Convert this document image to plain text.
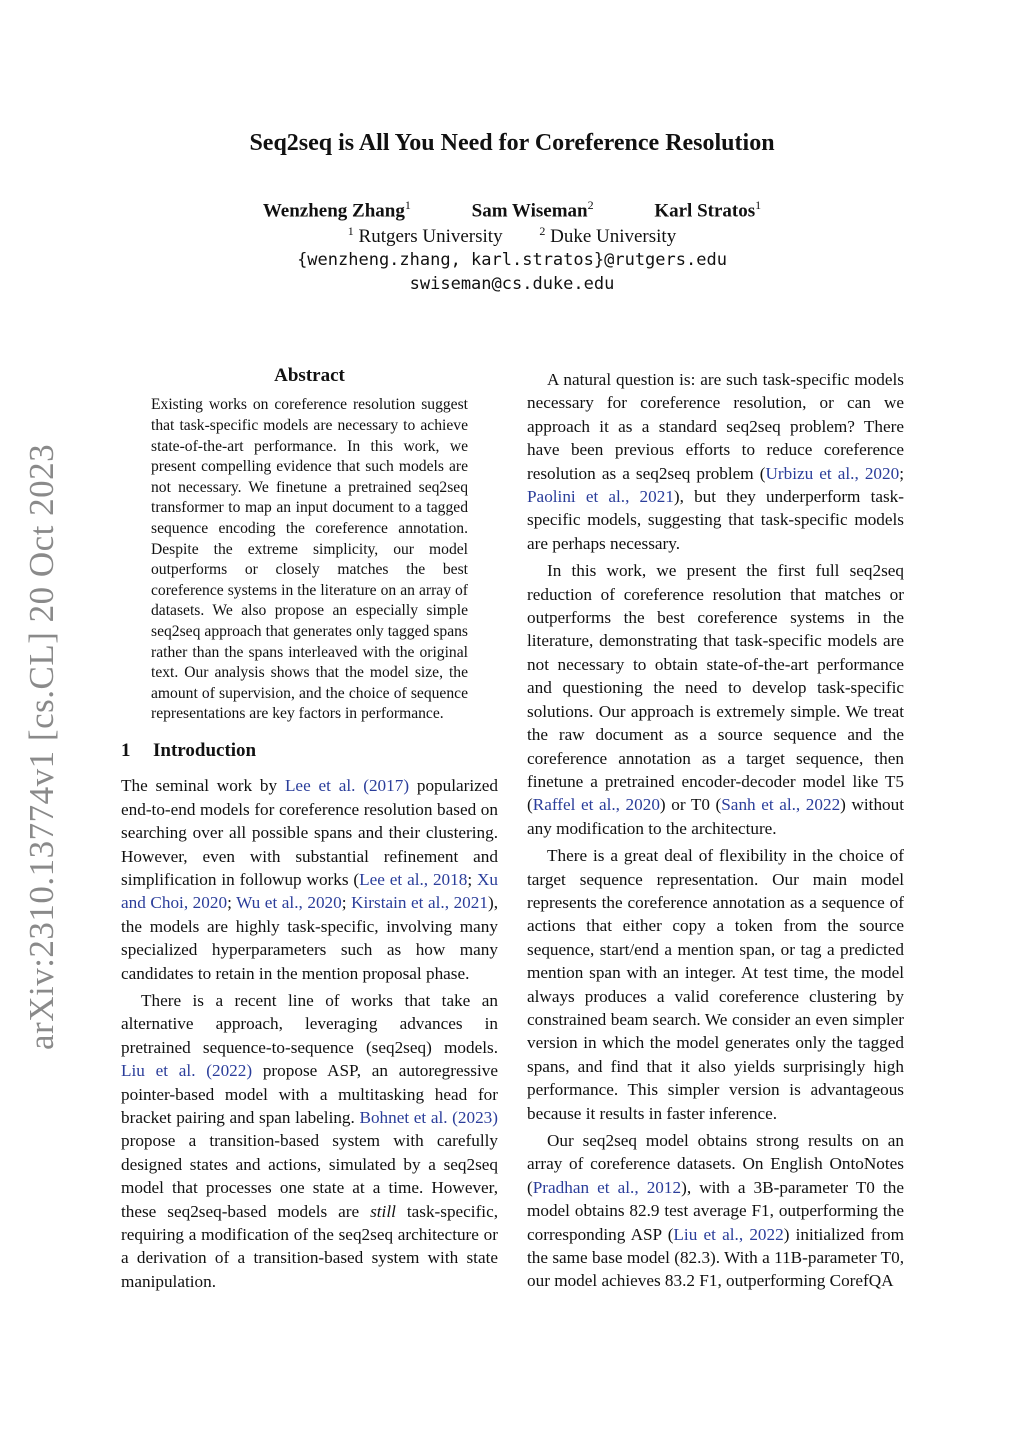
arXiv:2310.13774v1 [cs.CL] 20 Oct 2023
Seq2seq is All You Need for Coreference Resolution
Wenzheng Zhang$^1$	Sam Wiseman$^2$	Karl Stratos$^1$
$^1$ Rutgers University	$^2$ Duke University
{wenzheng.zhang, karl.stratos}@rutgers.edu
swiseman@cs.duke.edu
Abstract
Existing works on coreference resolution suggest that task-specific models are necessary to achieve state-of-the-art performance. In this work, we present compelling evidence that such models are not necessary. We finetune a pretrained seq2seq transformer to map an input document to a tagged sequence encoding the coreference annotation. Despite the extreme simplicity, our model outperforms or closely matches the best coreference systems in the literature on an array of datasets. We also propose an especially simple seq2seq approach that generates only tagged spans rather than the spans interleaved with the original text. Our analysis shows that the model size, the amount of supervision, and the choice of sequence representations are key factors in performance.
1 Introduction

The seminal work by Lee et al. (2017) popularized end-to-end models for coreference resolution based on searching over all possible spans and their clustering. However, even with substantial refinement and simplification in followup works (Lee et al., 2018; Xu and Choi, 2020; Wu et al., 2020; Kirstain et al., 2021), the models are highly task-specific, involving many specialized hyperparameters such as how many candidates to retain in the mention proposal phase.

There is a recent line of works that take an alternative approach, leveraging advances in pretrained sequence-to-sequence (seq2seq) models. Liu et al. (2022) propose ASP, an autoregressive pointer-based model with a multitasking head for bracket pairing and span labeling. Bohnet et al. (2023) propose a transition-based system with carefully designed states and actions, simulated by a seq2seq model that processes one state at a time. However, these seq2seq-based models are still task-specific, requiring a modification of the seq2seq architecture or a derivation of a transition-based system with state manipulation.

A natural question is: are such task-specific models necessary for coreference resolution, or can we approach it as a standard seq2seq problem? There have been previous efforts to reduce coreference resolution as a seq2seq problem (Urbizu et al., 2020; Paolini et al., 2021), but they underperform task-specific models, suggesting that task-specific models are perhaps necessary.

In this work, we present the first full seq2seq reduction of coreference resolution that matches or outperforms the best coreference systems in the literature, demonstrating that task-specific models are not necessary to obtain state-of-the-art performance and questioning the need to develop task-specific solutions. Our approach is extremely simple. We treat the raw document as a source sequence and the coreference annotation as a target sequence, then finetune a pretrained encoder-decoder model like T5 (Raffel et al., 2020) or T0 (Sanh et al., 2022) without any modification to the architecture.

There is a great deal of flexibility in the choice of target sequence representation. Our main model represents the coreference annotation as a sequence of actions that either copy a token from the source sequence, start/end a mention span, or tag a predicted mention span with an integer. At test time, the model always produces a valid coreference clustering by constrained beam search. We consider an even simpler version in which the model generates only the tagged spans, and find that it also yields surprisingly high performance. This simpler version is advantageous because it results in faster inference.

Our seq2seq model obtains strong results on an array of coreference datasets. On English OntoNotes (Pradhan et al., 2012), with a 3B-parameter T0 the model obtains 82.9 test average F1, outperforming the corresponding ASP (Liu et al., 2022) initialized from the same base model (82.3). With a 11B-parameter T0, our model achieves 83.2 F1, outperforming CorefQA
